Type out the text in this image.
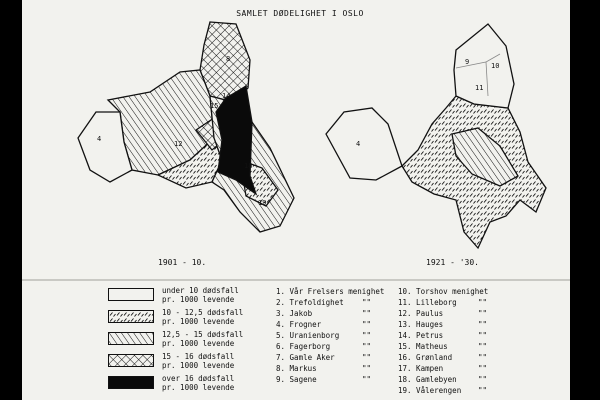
SAMLET DØDELIGHET I OSLO
4
8
12
14
15
18
19
4
9	10
11
1901 - 10.	1921 - '30.
under 10 dødsfall
pr. 1000 levende
10 - 12,5 dødsfall
pr. 1000 levende
12,5 - 15 dødsfall
pr. 1000 levende
15 - 16 dødsfall
pr. 1000 levende
over 16 dødsfall
pr. 1000 levende
1. Vår Frelsers menighet
2. Trefoldighet ""
3. Jakob	""
4. Frogner	""
5. Uranienborg	""
6. Fagerborg	""
7. Gamle Aker	""
8. Markus	""
9. Sagene	""
10. Torshov menighet
11. Lilleborg	""
12. Paulus	""
13. Hauges	""
14. Petrus	""
15. Matheus	""
16. Grønland	""
17. Kampen	""
18. Gamlebyen	""
19. Vålerengen ""
